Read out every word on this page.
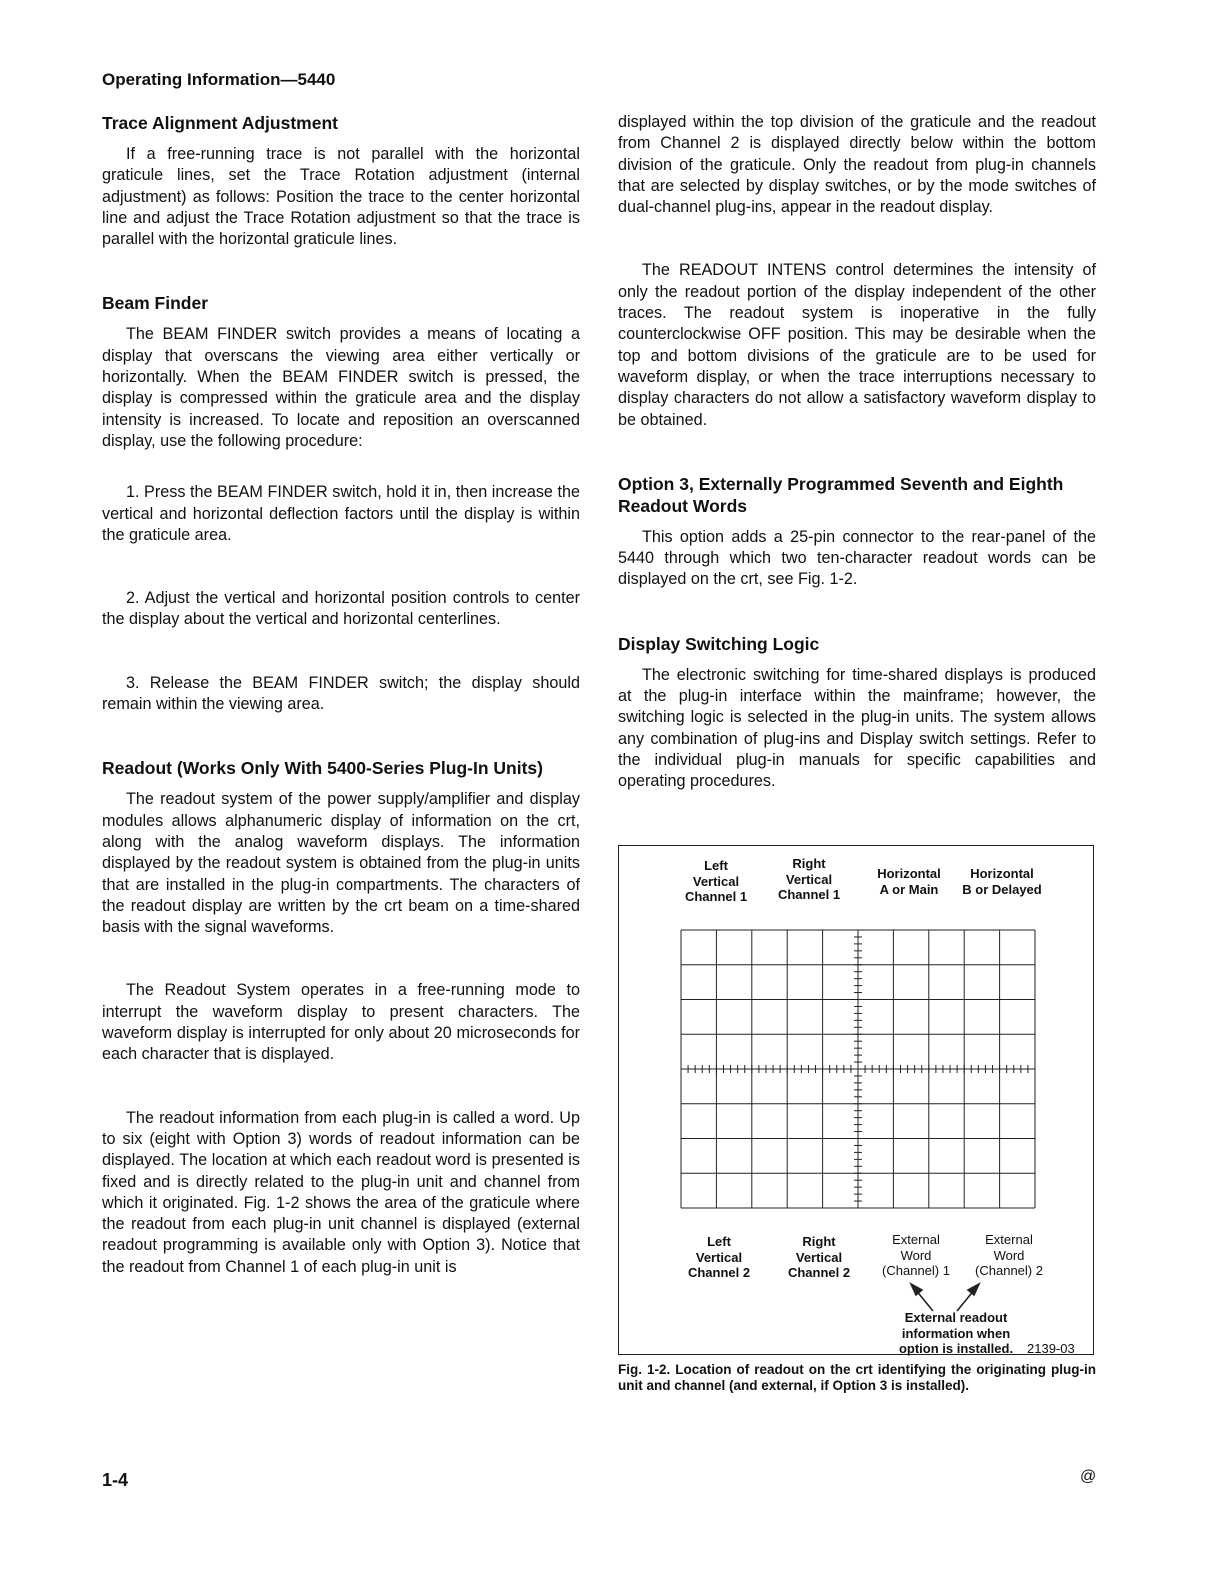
Operating Information—5440
Trace Alignment Adjustment

If a free-running trace is not parallel with the horizontal graticule lines, set the Trace Rotation adjustment (internal adjustment) as follows: Position the trace to the center horizontal line and adjust the Trace Rotation adjustment so that the trace is parallel with the horizontal graticule lines.

Beam Finder

The BEAM FINDER switch provides a means of locating a display that overscans the viewing area either vertically or horizontally. When the BEAM FINDER switch is pressed, the display is compressed within the graticule area and the display intensity is increased. To locate and reposition an overscanned display, use the following procedure:

1. Press the BEAM FINDER switch, hold it in, then increase the vertical and horizontal deflection factors until the display is within the graticule area.

2. Adjust the vertical and horizontal position controls to center the display about the vertical and horizontal centerlines.

3. Release the BEAM FINDER switch; the display should remain within the viewing area.

Readout (Works Only With 5400-Series Plug-In Units)

The readout system of the power supply/amplifier and display modules allows alphanumeric display of information on the crt, along with the analog waveform displays. The information displayed by the readout system is obtained from the plug-in units that are installed in the plug-in compartments. The characters of the readout display are written by the crt beam on a time-shared basis with the signal waveforms.

The Readout System operates in a free-running mode to interrupt the waveform display to present characters. The waveform display is interrupted for only about 20 microseconds for each character that is displayed.

The readout information from each plug-in is called a word. Up to six (eight with Option 3) words of readout information can be displayed. The location at which each readout word is presented is fixed and is directly related to the plug-in unit and channel from which it originated. Fig. 1-2 shows the area of the graticule where the readout from each plug-in unit channel is displayed (external readout programming is available only with Option 3). Notice that the readout from Channel 1 of each plug-in unit is

displayed within the top division of the graticule and the readout from Channel 2 is displayed directly below within the bottom division of the graticule. Only the readout from plug-in channels that are selected by display switches, or by the mode switches of dual-channel plug-ins, appear in the readout display.

The READOUT INTENS control determines the intensity of only the readout portion of the display independent of the other traces. The readout system is inoperative in the fully counterclockwise OFF position. This may be desirable when the top and bottom divisions of the graticule are to be used for waveform display, or when the trace interruptions necessary to display characters do not allow a satisfactory waveform display to be obtained.

Option 3, Externally Programmed Seventh and Eighth Readout Words

This option adds a 25-pin connector to the rear-panel of the 5440 through which two ten-character readout words can be displayed on the crt, see Fig. 1-2.

Display Switching Logic

The electronic switching for time-shared displays is produced at the plug-in interface within the mainframe; however, the switching logic is selected in the plug-in units. The system allows any combination of plug-ins and Display switch settings. Refer to the individual plug-in manuals for specific capabilities and operating procedures.

Left
Vertical
Channel 1
Right
Vertical
Channel 1
Horizontal
A or Main
Horizontal
B or Delayed
Left
Vertical
Channel 2
Right
Vertical
Channel 2
External
Word
(Channel) 1
External
Word
(Channel) 2
External readout
information when
option is installed.	2139-03
Fig. 1-2. Location of readout on the crt identifying the originating plug-in unit and channel (and external, if Option 3 is installed).
1-4	@
